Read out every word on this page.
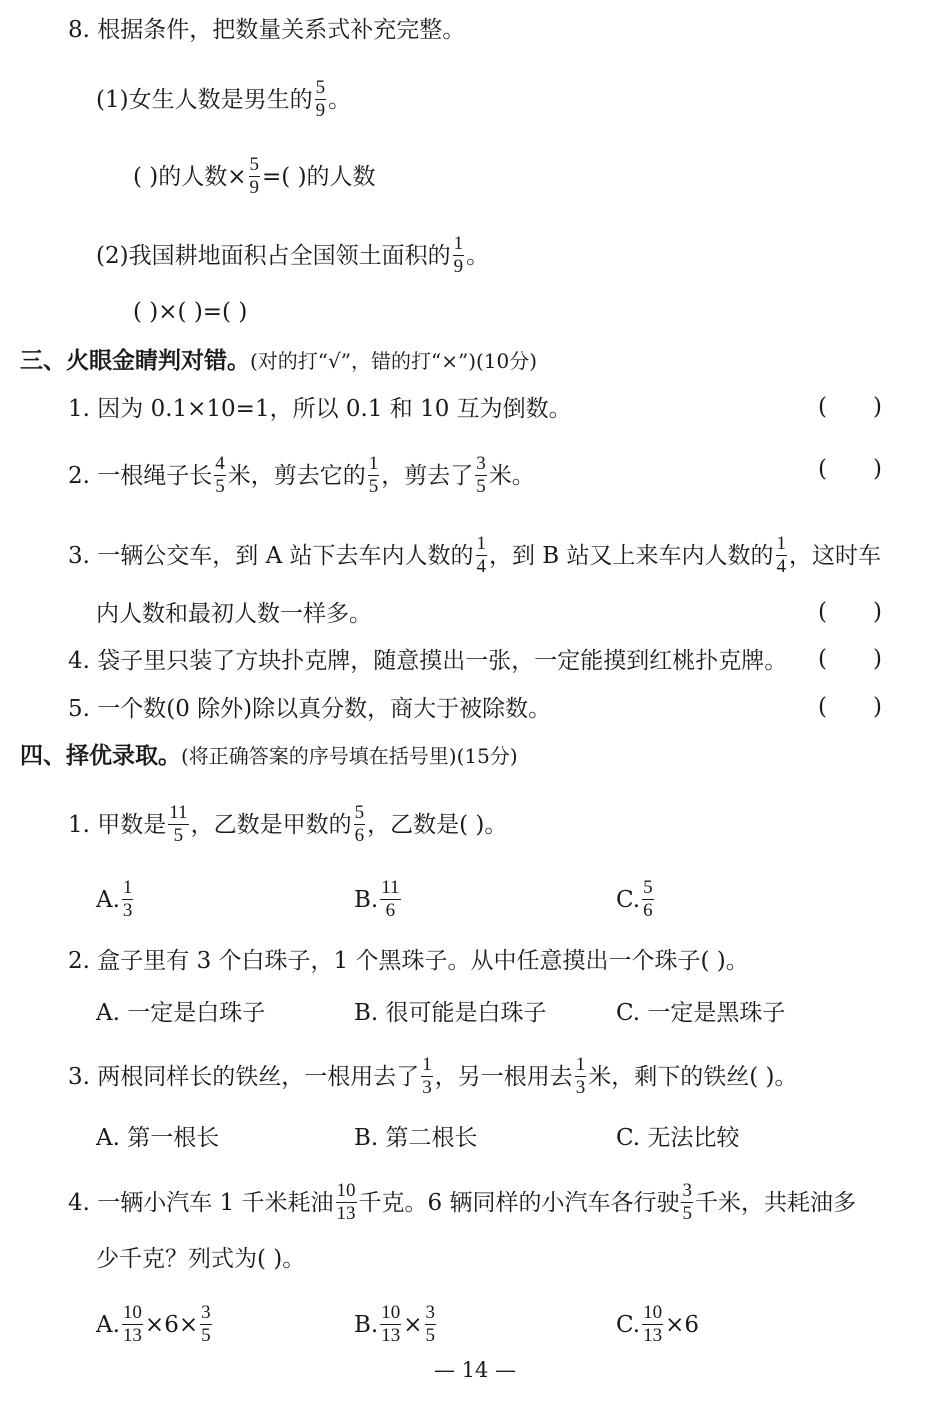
8. 根据条件，把数量关系式补充完整。
(1)女生人数是男生的 $\frac{5}{9}$ 。
( )的人数× $\frac{5}{9}$ =( )的人数
(2)我国耕地面积占全国领土面积的 $\frac{1}{9}$ 。
( )×( )=( )
三、火眼金睛判对错。 (对的打“√”，错的打“×”)(10分)
1. 因为 0.1×10=1，所以 0.1 和 10 互为倒数。	()
2. 一根绳子长 $\frac{4}{5}$ 米，剪去它的 $\frac{1}{5}$ ，剪去了 $\frac{3}{5}$ 米。	()
3. 一辆公交车，到 A 站下去车内人数的 $\frac{1}{4}$ ，到 B 站又上来车内人数的 $\frac{1}{4}$ ，这时车
内人数和最初人数一样多。	()
4. 袋子里只装了方块扑克牌，随意摸出一张，一定能摸到红桃扑克牌。 ()
5. 一个数(0 除外)除以真分数，商大于被除数。	()
四、择优录取。 (将正确答案的序号填在括号里)(15分)
1. 甲数是 $\frac{11}{5}$ ，乙数是甲数的 $\frac{5}{6}$ ，乙数是( )。
A. $\frac{1}{3}$	B. $\frac{11}{6}$	C. $\frac{5}{6}$
2. 盒子里有 3 个白珠子，1 个黑珠子。从中任意摸出一个珠子( )。
A. 一定是白珠子	B. 很可能是白珠子	C. 一定是黑珠子
3. 两根同样长的铁丝，一根用去了 $\frac{1}{3}$ ，另一根用去 $\frac{1}{3}$ 米，剩下的铁丝( )。
A. 第一根长	B. 第二根长	C. 无法比较
4. 一辆小汽车 1 千米耗油 $\frac{10}{13}$ 千克。6 辆同样的小汽车各行驶 $\frac{3}{5}$ 千米，共耗油多
少千克？列式为( )。
A. $\frac{10}{13} \times 6\times \frac{3}{5}$	B. $\frac{10}{13} \times \frac{3}{5}$	C. $\frac{10}{13} \times 6$
— 14 —
